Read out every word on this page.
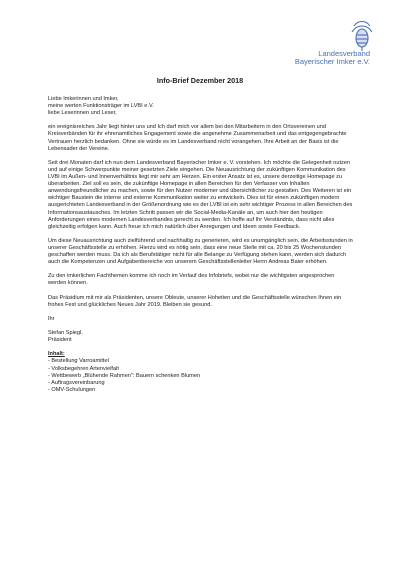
Landesverband
Bayerischer Imker e.V.
Info-Brief Dezember 2018

Liebe Imkerinnen und Imker,
meine werten Funktionsträger im LVBI e.V.
liebe Leserinnen und Leser,

ein ereignisreiches Jahr liegt hinter uns und Ich darf mich vor allem bei den Mitarbeitern in den Ortsvereinen und Kreisverbänden für ihr ehrenamtliches Engagement sowie die angenehme Zusammenarbeit und das entgegengebrachte Vertrauen herzlich bedanken. Ohne sie würde es im Landesverband nicht vorangehen. Ihre Arbeit an der Basis ist die Lebensader der Vereine.

Seit drei Monaten darf ich nun dem Landesverband Bayerischer Imker e. V. vorstehen. Ich möchte die Gelegenheit nutzen und auf einige Schwerpunkte meiner gesetzten Ziele eingehen. Die Neuausrichtung der zukünftigen Kommunikation des LVBI im Außen- und Innenverhältnis liegt mir sehr am Herzen. Ein erster Ansatz ist es, unsere derzeitige Homepage zu überarbeiten. Ziel soll es sein, die zukünftige Homepage in allen Bereichen für den Verfasser von Inhalten anwendungsfreundlicher zu machen, sowie für den Nutzer moderner und übersichtlicher zu gestalten. Des Weiteren ist ein wichtiger Baustein die interne und externe Kommunikation weiter zu entwickeln. Dies ist für einen zukünftigen modern ausgerichteten Landesverband in der Größenordnung wie es der LVBI ist ein sehr wichtiger Prozess in allen Bereichen des Informationsaustausches. Im letzten Schritt passen wir die Social-Media-Kanäle an, um auch hier den heutigen Anforderungen eines modernen Landesverbandes gerecht zu werden. Ich hoffe auf Ihr Verständnis, dass nicht alles gleichzeitig erfolgen kann. Auch freue ich mich natürlich über Anregungen und Ideen sowie Feedback.

Um diese Neuausrichtung auch zielführend und nachhaltig zu generieren, wird es unumgänglich sein, die Arbeitsstunden in unserer Geschäftsstelle zu erhöhen. Hierzu wird es nötig sein, dass eine neue Stelle mit ca. 20 bis 25 Wochenstunden geschaffen werden muss. Da ich als Berufstätiger nicht für alle Belange zu Verfügung stehen kann, werden sich dadurch auch die Kompetenzen und Aufgabenbereiche von unserem Geschäftsstellenleiter Herrn Andreas Baier erhöhen.

Zu den imkerlichen Fachthemen komme ich noch im Verlauf des Infobriefs, wobei nur die wichtigsten angesprochen werden können.

Das Präsidium mit mir als Präsidenten, unsere Obleute, unserer Hohetien und die Geschäftsstelle wünschen Ihnen ein frohes Fest und glückliches Neues Jahr 2019. Bleiben sie gesund.

Ihr

Stefan Spiegl,
Präsident

Inhalt:
- Bestellung Varroamittel
- Volksbegehren Artenvielfalt
- Wettbewerb „Blühende Rahmen": Bauern schenken Blumen
- Auftragsvereinbarung
- OMV-Schulungen
